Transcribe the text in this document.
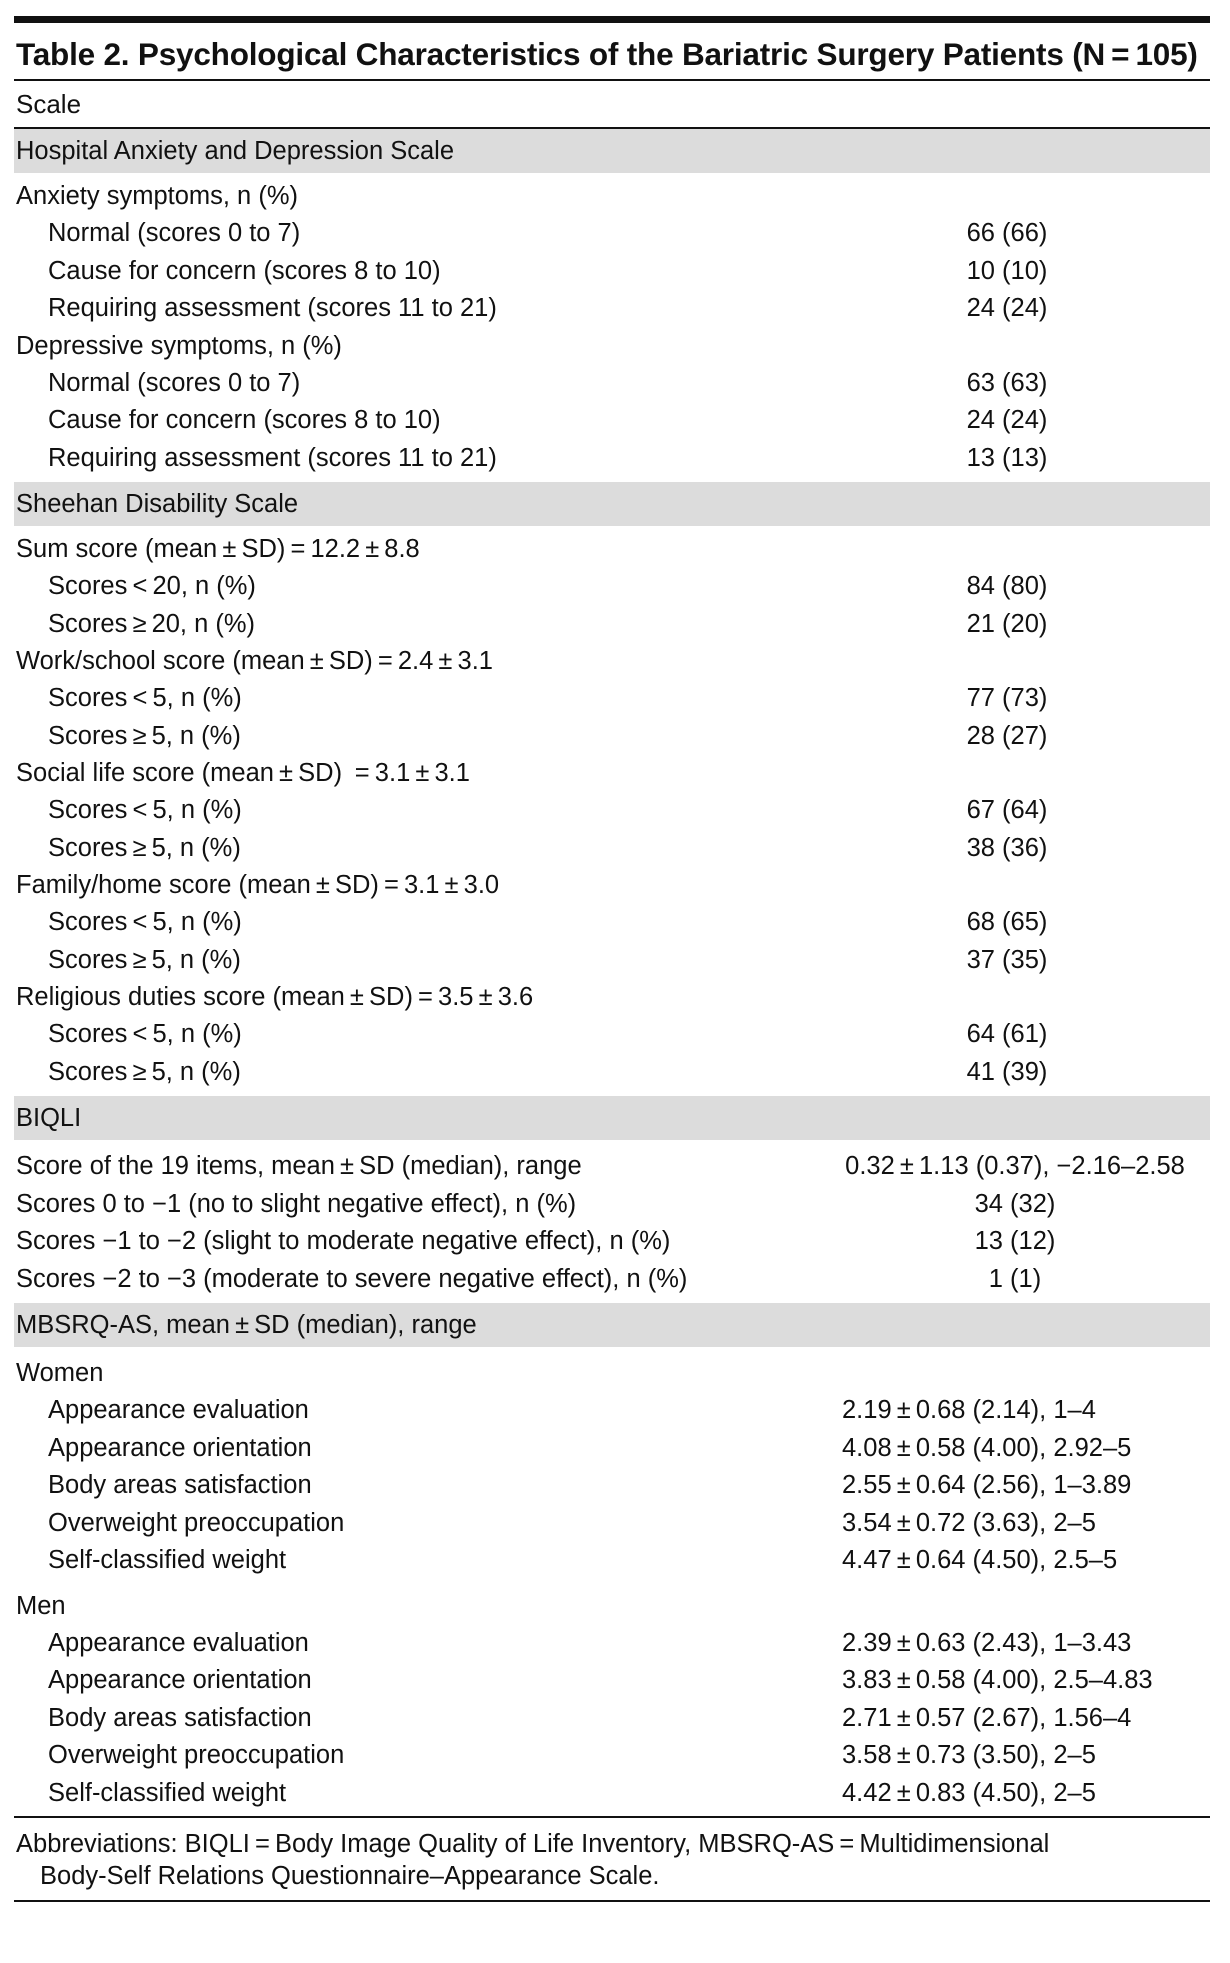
Table 2. Psychological Characteristics of the Bariatric Surgery Patients (N = 105)
Scale
Hospital Anxiety and Depression Scale
Anxiety symptoms, n (%)
Normal (scores 0 to 7)	66 (66)
Cause for concern (scores 8 to 10)	10 (10)
Requiring assessment (scores 11 to 21)	24 (24)
Depressive symptoms, n (%)
Normal (scores 0 to 7)	63 (63)
Cause for concern (scores 8 to 10)	24 (24)
Requiring assessment (scores 11 to 21)	13 (13)
Sheehan Disability Scale
Sum score (mean ± SD) = 12.2 ± 8.8
Scores < 20, n (%)	84 (80)
Scores ≥ 20, n (%)	21 (20)
Work/school score (mean ± SD) = 2.4 ± 3.1
Scores < 5, n (%)	77 (73)
Scores ≥ 5, n (%)	28 (27)
Social life score (mean ± SD) = 3.1 ± 3.1
Scores < 5, n (%)	67 (64)
Scores ≥ 5, n (%)	38 (36)
Family/home score (mean ± SD) = 3.1 ± 3.0
Scores < 5, n (%)	68 (65)
Scores ≥ 5, n (%)	37 (35)
Religious duties score (mean ± SD) = 3.5 ± 3.6
Scores < 5, n (%)	64 (61)
Scores ≥ 5, n (%)	41 (39)
BIQLI
Score of the 19 items, mean ± SD (median), range	0.32 ± 1.13 (0.37), −2.16–2.58
Scores 0 to −1 (no to slight negative effect), n (%)	34 (32)
Scores −1 to −2 (slight to moderate negative effect), n (%)	13 (12)
Scores −2 to −3 (moderate to severe negative effect), n (%)	1 (1)
MBSRQ-AS, mean ± SD (median), range
Women
Appearance evaluation	2.19 ± 0.68 (2.14), 1–4
Appearance orientation	4.08 ± 0.58 (4.00), 2.92–5
Body areas satisfaction	2.55 ± 0.64 (2.56), 1–3.89
Overweight preoccupation	3.54 ± 0.72 (3.63), 2–5
Self-classified weight	4.47 ± 0.64 (4.50), 2.5–5
Men
Appearance evaluation	2.39 ± 0.63 (2.43), 1–3.43
Appearance orientation	3.83 ± 0.58 (4.00), 2.5–4.83
Body areas satisfaction	2.71 ± 0.57 (2.67), 1.56–4
Overweight preoccupation	3.58 ± 0.73 (3.50), 2–5
Self-classified weight	4.42 ± 0.83 (4.50), 2–5
Abbreviations: BIQLI = Body Image Quality of Life Inventory, MBSRQ-AS = Multidimensional
Body-Self Relations Questionnaire–Appearance Scale.
